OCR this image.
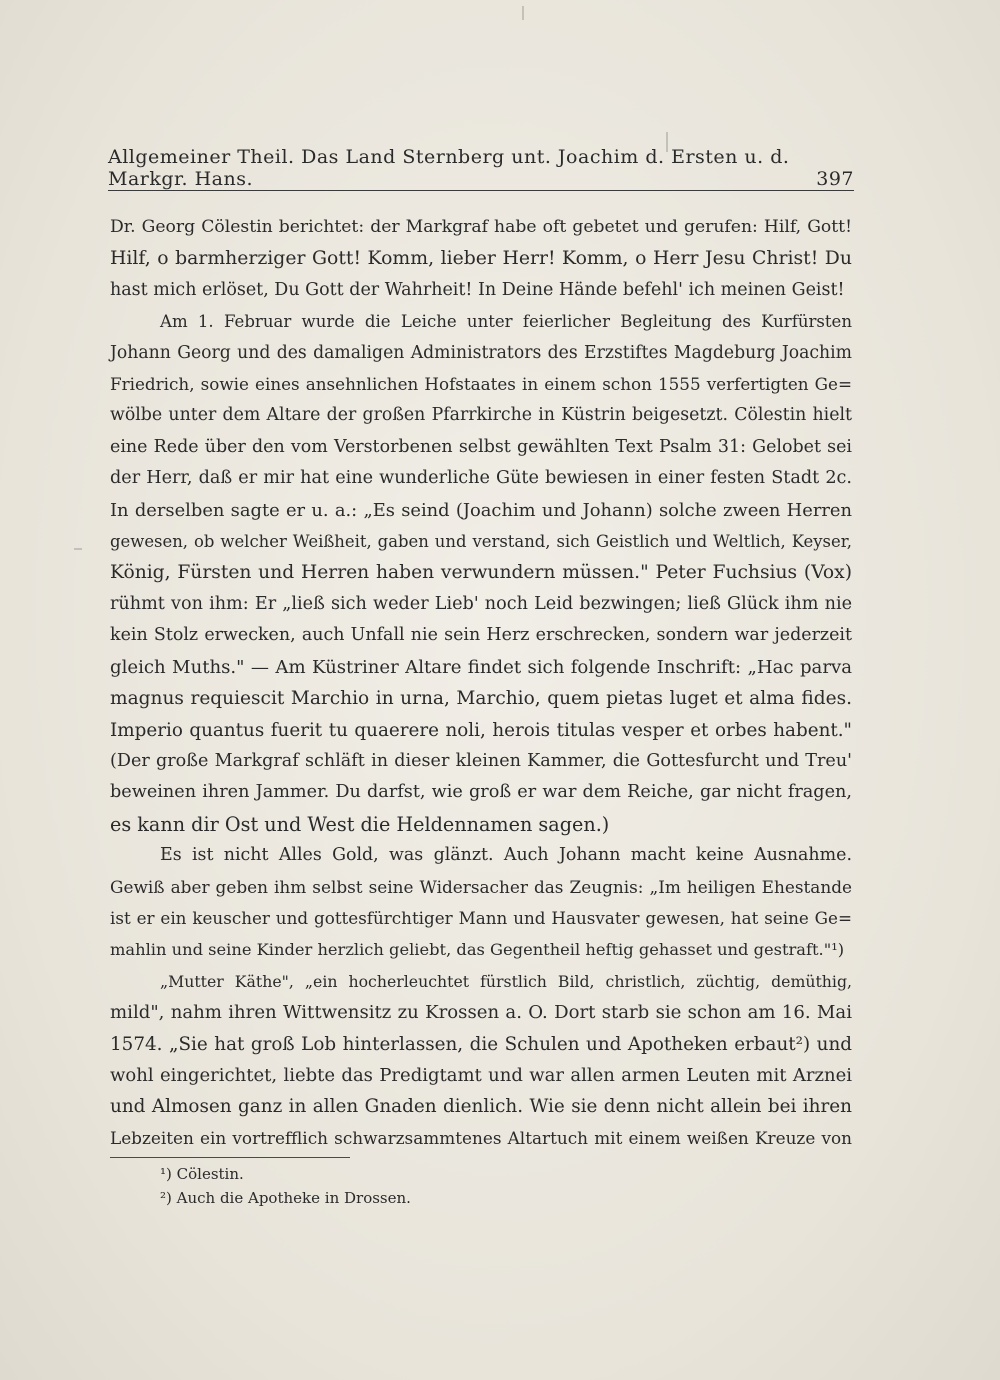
Allgemeiner Theil. Das Land Sternberg unt. Joachim d. Ersten u. d. Markgr. Hans.	397
Dr. Georg Cölestin berichtet: der Markgraf habe oft gebetet und gerufen: Hilf, Gott!
Hilf, o barmherziger Gott! Komm, lieber Herr! Komm, o Herr Jesu Christ! Du
hast mich erlöset, Du Gott der Wahrheit! In Deine Hände befehl' ich meinen Geist!
Am 1. Februar wurde die Leiche unter feierlicher Begleitung des Kurfürsten
Johann Georg und des damaligen Administrators des Erzstiftes Magdeburg Joachim
Friedrich, sowie eines ansehnlichen Hofstaates in einem schon 1555 verfertigten Ge=
wölbe unter dem Altare der großen Pfarrkirche in Küstrin beigesetzt. Cölestin hielt
eine Rede über den vom Verstorbenen selbst gewählten Text Psalm 31: Gelobet sei
der Herr, daß er mir hat eine wunderliche Güte bewiesen in einer festen Stadt 2c.
In derselben sagte er u. a.: „Es seind (Joachim und Johann) solche zween Herren
gewesen, ob welcher Weißheit, gaben und verstand, sich Geistlich und Weltlich, Keyser,
König, Fürsten und Herren haben verwundern müssen." Peter Fuchsius (Vox)
rühmt von ihm: Er „ließ sich weder Lieb' noch Leid bezwingen; ließ Glück ihm nie
kein Stolz erwecken, auch Unfall nie sein Herz erschrecken, sondern war jederzeit
gleich Muths." — Am Küstriner Altare findet sich folgende Inschrift: „Hac parva
magnus requiescit Marchio in urna, Marchio, quem pietas luget et alma fides.
Imperio quantus fuerit tu quaerere noli, herois titulas vesper et orbes habent."
(Der große Markgraf schläft in dieser kleinen Kammer, die Gottesfurcht und Treu'
beweinen ihren Jammer. Du darfst, wie groß er war dem Reiche, gar nicht fragen,
es kann dir Ost und West die Heldennamen sagen.)
Es ist nicht Alles Gold, was glänzt. Auch Johann macht keine Ausnahme.
Gewiß aber geben ihm selbst seine Widersacher das Zeugnis: „Im heiligen Ehestande
ist er ein keuscher und gottesfürchtiger Mann und Hausvater gewesen, hat seine Ge=
mahlin und seine Kinder herzlich geliebt, das Gegentheil heftig gehasset und gestraft."¹)
„Mutter Käthe", „ein hocherleuchtet fürstlich Bild, christlich, züchtig, demüthig,
mild", nahm ihren Wittwensitz zu Krossen a. O. Dort starb sie schon am 16. Mai
1574. „Sie hat groß Lob hinterlassen, die Schulen und Apotheken erbaut²) und
wohl eingerichtet, liebte das Predigtamt und war allen armen Leuten mit Arznei
und Almosen ganz in allen Gnaden dienlich. Wie sie denn nicht allein bei ihren
Lebzeiten ein vortrefflich schwarzsammtenes Altartuch mit einem weißen Kreuze von
¹) Cölestin.
²) Auch die Apotheke in Drossen.
